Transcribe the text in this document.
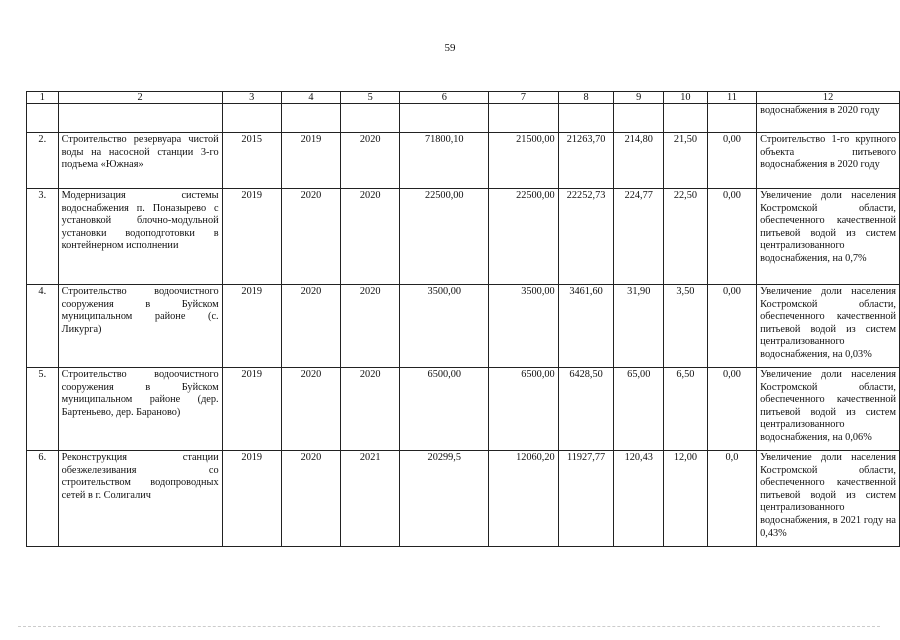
59
1	2	3	4	5	6	7	8	9	10	11	12
											водоснабжения в 2020 году
2.	Строительство резервуара чистой воды на насосной станции 3-го подъема «Южная»	2015	2019	2020	71800,10	21500,00	21263,70	214,80	21,50	0,00	Строительство 1-го крупного объекта питьевого водоснабжения в 2020 году
3.	Модернизация системы водоснабжения п. Поназырево с установкой блочно-модульной установки водоподготовки в контейнерном исполнении	2019	2020	2020	22500,00	22500,00	22252,73	224,77	22,50	0,00	Увеличение доли населения Костромской области, обеспеченного качественной питьевой водой из систем централизованного водоснабжения, на 0,7%
4.	Строительство водоочистного сооружения в Буйском муниципальном районе (с. Ликурга)	2019	2020	2020	3500,00	3500,00	3461,60	31,90	3,50	0,00	Увеличение доли населения Костромской области, обеспеченного качественной питьевой водой из систем централизованного водоснабжения, на 0,03%
5.	Строительство водоочистного сооружения в Буйском муниципальном районе (дер. Бартеньево, дер. Бараново)	2019	2020	2020	6500,00	6500,00	6428,50	65,00	6,50	0,00	Увеличение доли населения Костромской области, обеспеченного качественной питьевой водой из систем централизованного водоснабжения, на 0,06%
6.	Реконструкция станции обезжелезивания со строительством водопроводных сетей в г. Солигалич	2019	2020	2021	20299,5	12060,20	11927,77	120,43	12,00	0,0	Увеличение доли населения Костромской области, обеспеченного качественной питьевой водой из систем централизованного водоснабжения, в 2021 году на 0,43%
